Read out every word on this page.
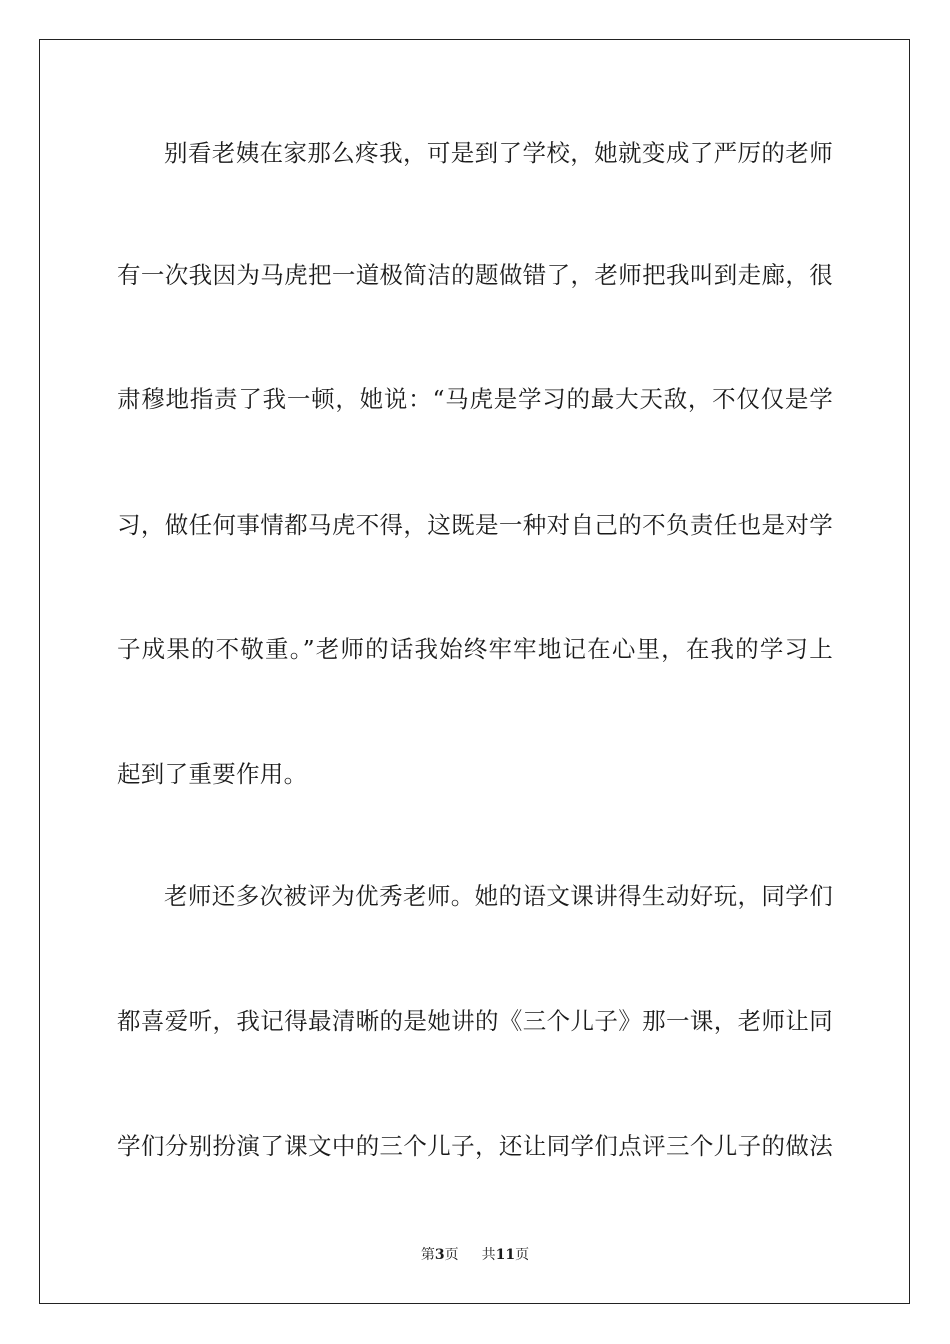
别看老姨在家那么疼我，可是到了学校，她就变成了严厉的老师
有一次我因为马虎把一道极简洁的题做错了，老师把我叫到走廊，很
肃穆地指责了我一顿，她说：“马虎是学习的最大天敌，不仅仅是学
习，做任何事情都马虎不得，这既是一种对自己的不负责任也是对学
子成果的不敬重。”老师的话我始终牢牢地记在心里，在我的学习上
起到了重要作用。
老师还多次被评为优秀老师。她的语文课讲得生动好玩，同学们
都喜爱听，我记得最清晰的是她讲的《三个儿子》那一课，老师让同
学们分别扮演了课文中的三个儿子，还让同学们点评三个儿子的做法
第3页 共11页
